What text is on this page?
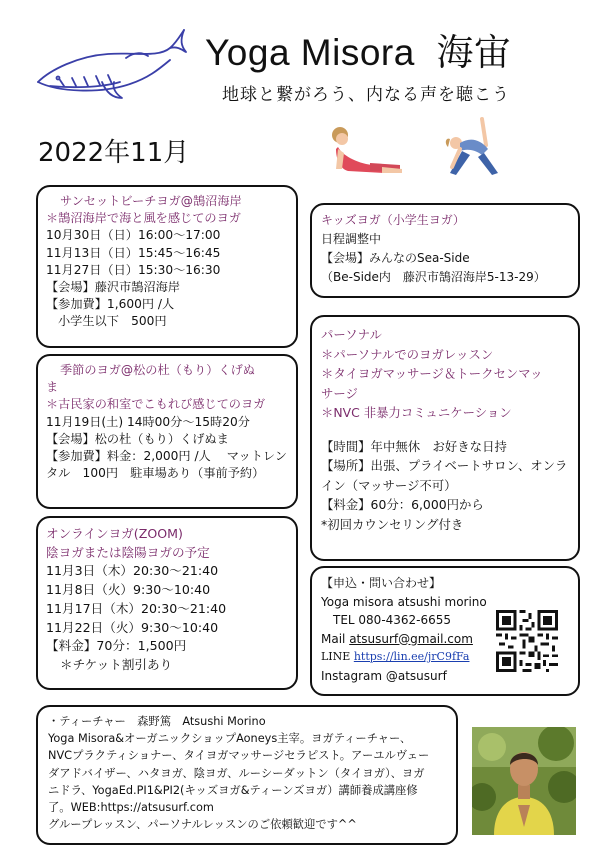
Yoga Misora  海宙
地球と繋がろう、内なる声を聴こう
2022年11月
サンセットビーチヨガ@鵠沼海岸
＊鵠沼海岸で海と風を感じてのヨガ
10月30日（日）16:00〜17:00
11月13日（日）15:45〜16:45
11月27日（日）15:30〜16:30
【会場】藤沢市鵠沼海岸
【参加費】1,600円 /人
小学生以下　500円
季節のヨガ@松の杜（もり）くげぬ
ま
＊古民家の和室でこもれび感じてのヨガ
11月19日(土) 14時00分〜15時20分
【会場】松の杜（もり）くげぬま
【参加費】料金：2,000円 /人　 マットレン
タル　100円　駐車場あり（事前予約）
オンラインヨガ(ZOOM)
陰ヨガまたは陰陽ヨガの予定
11月3日（木）20:30〜21:40
11月8日（火）9:30〜10:40
11月17日（木）20:30〜21:40
11月22日（火）9:30〜10:40
【料金】70分：1,500円
＊チケット割引あり
キッズヨガ（小学生ヨガ）
日程調整中
【会場】みんなのSea-Side
（Be-Side内　藤沢市鵠沼海岸5-13-29）
パーソナル
＊パーソナルでのヨガレッスン
＊タイヨガマッサージ＆トークセンマッ
サージ
＊NVC 非暴力コミュニケーション
【時間】年中無休　お好きな日持
【場所】出張、プライベートサロン、オンラ
イン（マッサージ不可）
【料金】60分：6,000円から
*初回カウンセリング付き
【申込・問い合わせ】
Yoga misora atsushi morino
TEL 080-4362-6655
Mail atsusurf@gmail.com
LINE https://lin.ee/jrC9fFa
Instagram @atsusurf
・ティーチャー　森野篤　Atsushi Morino
Yoga Misora&オーガニックショップAoneys主宰。ヨガティーチャー、
NVCプラクティショナー、タイヨガマッサージセラピスト。アーユルヴェー
ダアドバイザー、ハタヨガ、陰ヨガ、ルーシーダットン（タイヨガ）、ヨガ
ニドラ、YogaEd.PI1&PI2(キッズヨガ&ティーンズヨガ）講師養成講座修
了。WEB:https://atsusurf.com
グループレッスン、パーソナルレッスンのご依頼歓迎です^^
